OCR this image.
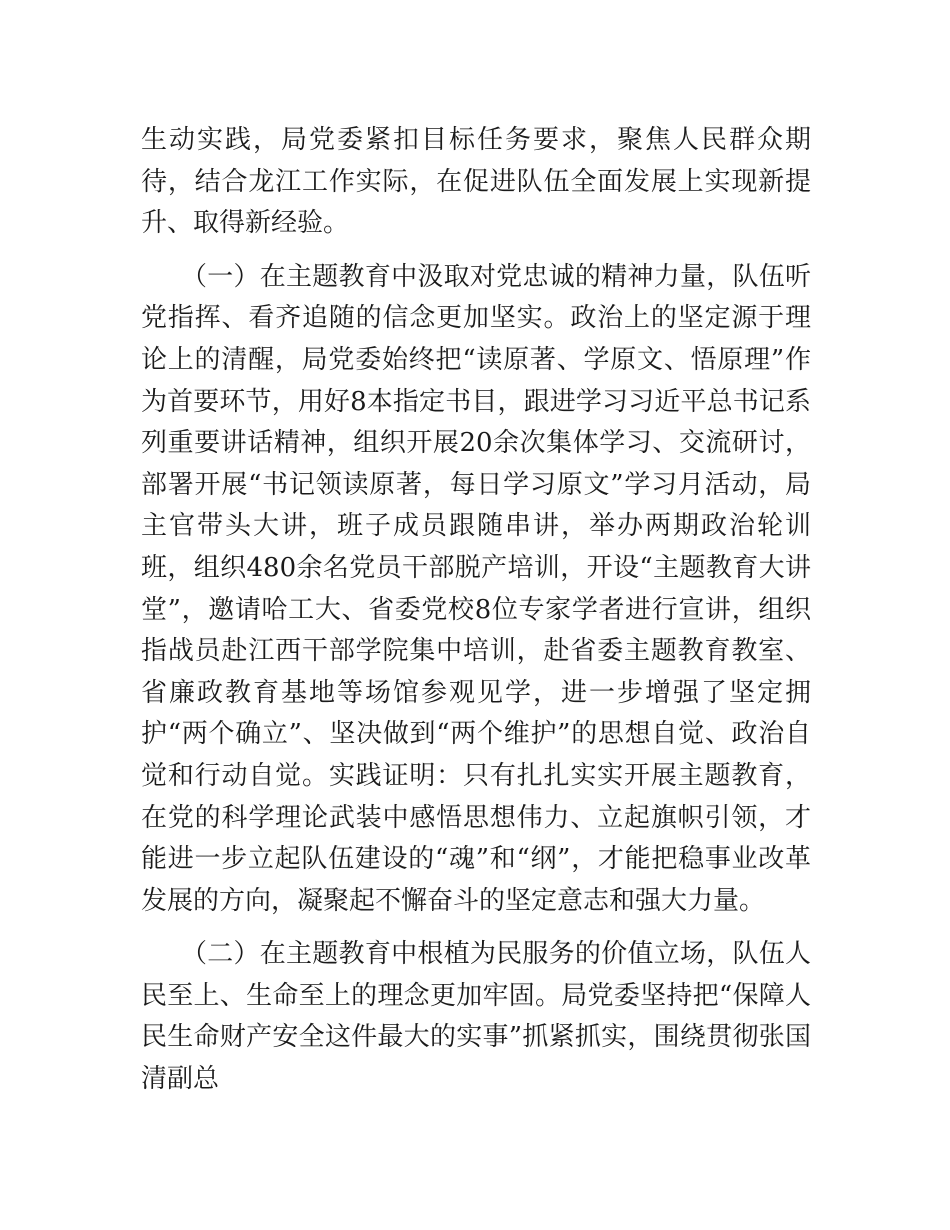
生动实践，局党委紧扣目标任务要求，聚焦人民群众期待，结合龙江工作实际，在促进队伍全面发展上实现新提升、取得新经验。

（一）在主题教育中汲取对党忠诚的精神力量，队伍听党指挥、看齐追随的信念更加坚实。政治上的坚定源于理论上的清醒，局党委始终把“读原著、学原文、悟原理”作为首要环节，用好8本指定书目，跟进学习习近平总书记系列重要讲话精神，组织开展20余次集体学习、交流研讨，部署开展“书记领读原著，每日学习原文”学习月活动，局主官带头大讲，班子成员跟随串讲，举办两期政治轮训班，组织480余名党员干部脱产培训，开设“主题教育大讲堂”，邀请哈工大、省委党校8位专家学者进行宣讲，组织指战员赴江西干部学院集中培训，赴省委主题教育教室、省廉政教育基地等场馆参观见学，进一步增强了坚定拥护“两个确立”、坚决做到“两个维护”的思想自觉、政治自觉和行动自觉。实践证明：只有扎扎实实开展主题教育，在党的科学理论武装中感悟思想伟力、立起旗帜引领，才能进一步立起队伍建设的“魂”和“纲”，才能把稳事业改革发展的方向，凝聚起不懈奋斗的坚定意志和强大力量。

（二）在主题教育中根植为民服务的价值立场，队伍人民至上、生命至上的理念更加牢固。局党委坚持把“保障人民生命财产安全这件最大的实事”抓紧抓实，围绕贯彻张国清副总
